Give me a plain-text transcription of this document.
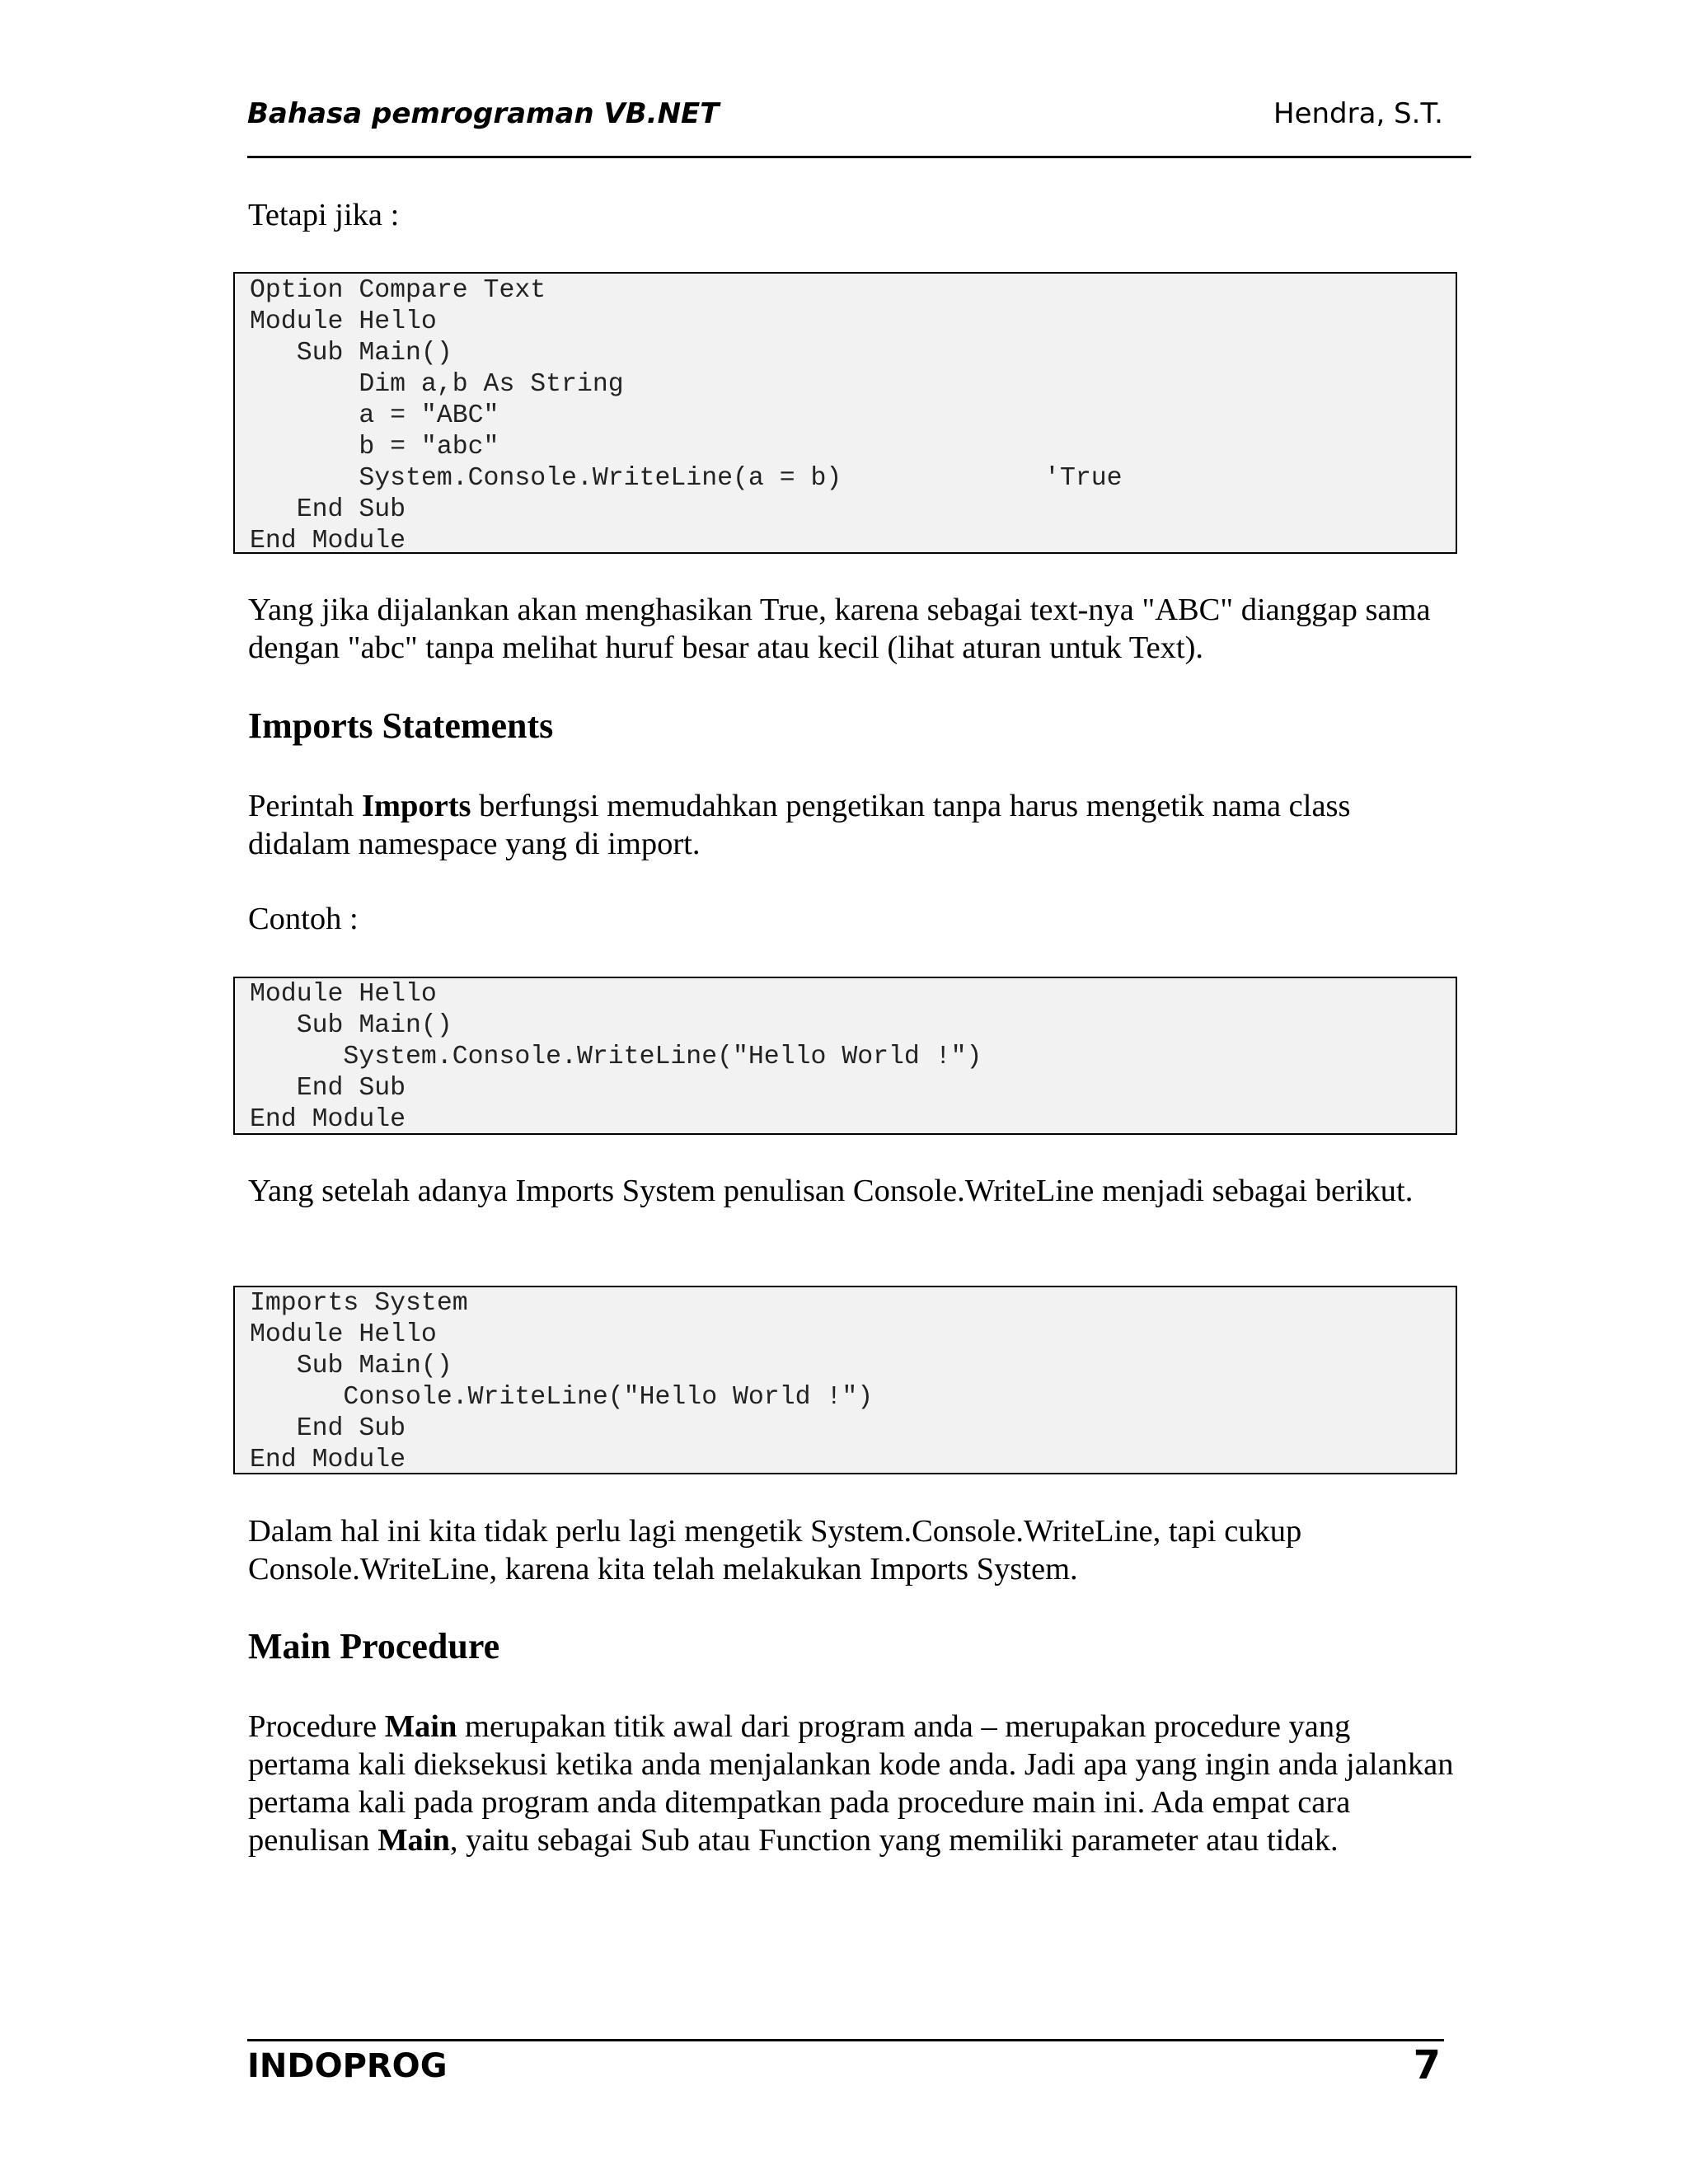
Bahasa pemrograman VB.NET	Hendra, S.T.

Tetapi jika :

Option Compare Text
Module Hello
Sub Main()
Dim a,b As String
a = "ABC"
b = "abc"
System.Console.WriteLine(a = b)             'True
End Sub
End Module

Yang jika dijalankan akan menghasikan True, karena sebagai text-nya "ABC" dianggap sama dengan "abc" tanpa melihat huruf besar atau kecil (lihat aturan untuk Text).

Imports Statements

Perintah Imports berfungsi memudahkan pengetikan tanpa harus mengetik nama class didalam namespace yang di import.

Contoh :

Module Hello
Sub Main()
System.Console.WriteLine("Hello World !")
End Sub
End Module

Yang setelah adanya Imports System penulisan Console.WriteLine menjadi sebagai berikut.

Imports System
Module Hello
Sub Main()
Console.WriteLine("Hello World !")
End Sub
End Module

Dalam hal ini kita tidak perlu lagi mengetik System.Console.WriteLine, tapi cukup Console.WriteLine, karena kita telah melakukan Imports System.

Main Procedure

Procedure Main merupakan titik awal dari program anda – merupakan procedure yang pertama kali dieksekusi ketika anda menjalankan kode anda. Jadi apa yang ingin anda jalankan pertama kali pada program anda ditempatkan pada procedure main ini. Ada empat cara penulisan Main, yaitu sebagai Sub atau Function yang memiliki parameter atau tidak.

INDOPROG	7
